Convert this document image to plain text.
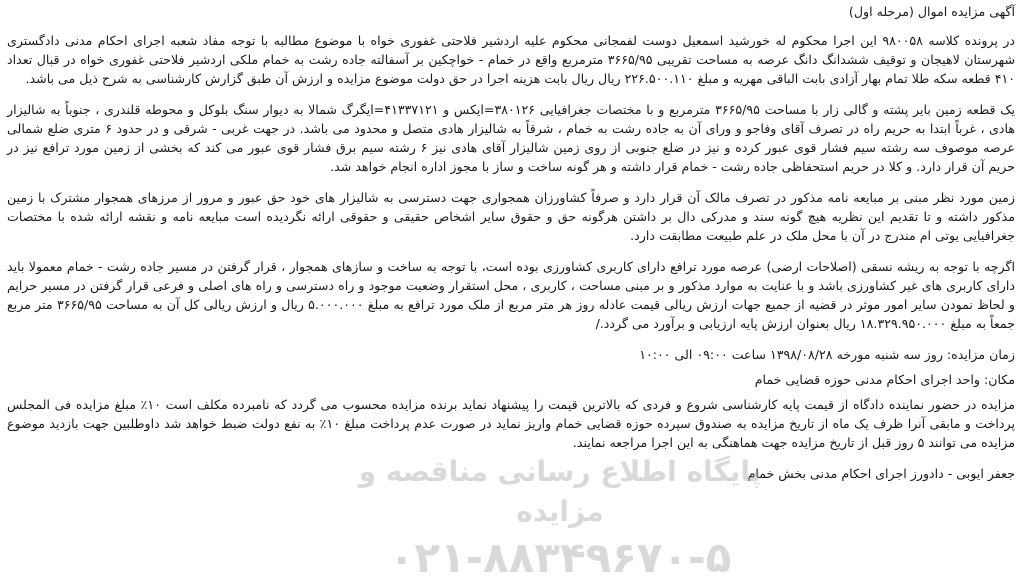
آگهی مزایده اموال (مرحله اول)

در پرونده کلاسه ۹۸۰۰۵۸ این اجرا محکوم له خورشید اسمعیل دوست لفمجانی محکوم علیه اردشیر فلاحتی غفوری خواه با موضوع مطالبه با توجه مفاد شعبه اجرای احکام مدنی دادگستری شهرستان لاهیجان و توقیف ششدانگ دانگ عرصه به مساحت تقریبی ۳۶۶۵/۹۵ مترمربع واقع در خمام - خواچکین بر آسفالته جاده رشت به خمام ملکی اردشیر فلاحتی غفوری خواه در قبال تعداد ۴۱۰ قطعه سکه طلا تمام بهار آزادی بابت الباقی مهریه و مبلغ ۲۲۶.۵۰۰.۱۱۰ ریال ریال بابت هزینه اجرا در حق دولت موضوع مزایده و ارزش آن طبق گزارش کارشناسی به شرح ذیل می باشد.

یک قطعه زمین بایر پشته و گالی زار با مساحت ۳۶۶۵/۹۵ مترمربع و با مختصات جغرافیایی ۳۸۰۱۲۶=ایکس و ۴۱۳۳۷۱۲۱=ایگرگ شمالا به دیوار سنگ بلوکل و محوطه قلندری ، جنوباً به شالیزار هادی ، غرباً ابتدا به حریم راه در تصرف آقای وفاجو و ورای آن به جاده رشت به خمام ، شرقاً به شالیزار هادی متصل و محدود می باشد. در جهت غربی - شرقی و در حدود ۶ متری ضلع شمالی عرصه موصوف سه رشته سیم فشار قوی عبور کرده و نیز در ضلع جنوبی از روی زمین شالیزار آقای هادی نیز ۶ رشته سیم برق فشار قوی عبور می کند که بخشی از زمین مورد ترافع نیز در حریم آن قرار دارد. و کلا در حریم استحفاظی جاده رشت - خمام قرار داشته و هر گونه ساخت و ساز با مجوز اداره انجام خواهد شد.

زمین مورد نظر مبنی بر مبایعه نامه مذکور در تصرف مالک آن قرار دارد و صرفاً کشاورزان همجواری جهت دسترسی به شالیزار های خود حق عبور و مرور از مرزهای همجوار مشترک با زمین مذکور داشته و تا تقدیم این نظریه هیچ گونه سند و مدرکی دال بر داشتن هرگونه حق و حقوق سایر اشخاص حقیقی و حقوقی ارائه نگردیده است مبایعه نامه و نقشه ارائه شده با مختصات جغرافیایی یوتی ام مندرج در آن با محل ملک در علم طبیعت مطابقت دارد.

اگرچه با توجه به ریشه نسقی (اصلاحات ارضی) عرصه مورد ترافع دارای کاربری کشاورزی بوده است، با توجه به ساخت و سازهای همجوار ، قرار گرفتن در مسیر جاده رشت - خمام معمولا باید دارای کاربری های غیر کشاورزی باشد و با عنایت به موارد مذکور و بر مبنی مساحت ، کاربری ، محل استقرار وضعیت موجود و راه دسترسی و راه های اصلی و فرعی قرار گرفتن در مسیر حرایم و لحاظ نمودن سایر امور موثر در قضیه از جمیع جهات ارزش ریالی قیمت عادله روز هر متر مربع از ملک مورد ترافع به مبلغ ۵.۰۰۰.۰۰۰ ریال و ارزش ریالی کل آن به مساحت ۳۶۶۵/۹۵ متر مربع جمعاً به مبلغ ۱۸.۳۲۹.۹۵۰.۰۰۰ ریال بعنوان ارزش پایه ارزیابی و برآورد می گردد./

زمان مزایده: روز سه شنبه مورخه ۱۳۹۸/۰۸/۲۸ ساعت ۰۹:۰۰ الی ۱۰:۰۰

مکان: واحد اجرای احکام مدنی حوزه قضایی خمام

مزایده در حضور نماینده دادگاه از قیمت پایه کارشناسی شروع و فردی که بالاترین قیمت را پیشنهاد نماید برنده مزایده محسوب می گردد که نامبرده مکلف است ۱۰٪ مبلغ مزایده فی المجلس پرداخت و مابقی آنرا ظرف یک ماه از تاریخ مزایده به صندوق سپرده حوزه قضایی خمام واریز نماید در صورت عدم پرداخت مبلغ ۱۰٪ به نفع دولت ضبط خواهد شد داوطلبین جهت بازدید موضوع مزایده می توانند ۵ روز قبل از تاریخ مزایده جهت هماهنگی به این اجرا مراجعه نمایند.

جعفر ایوبی - دادورز اجرای احکام مدنی بخش خمام

پایگاه اطلاع رسانی مناقصه و مزایده
۰۲۱-۸۸۳۴۹۶۷۰-۵
